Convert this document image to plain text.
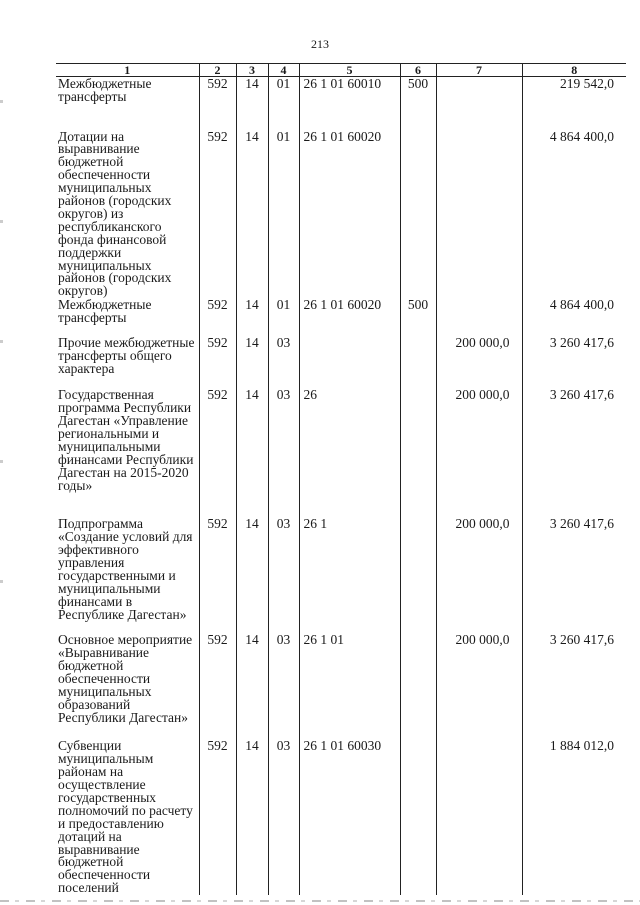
213
1	2	3	4	5	6	7	8
Межбюджетные трансферты	592	14	01	26 1 01 60010	500		219 542,0
Дотации на выравнивание бюджетной обеспеченности муниципальных районов (городских округов) из республиканского фонда финансовой поддержки муниципальных районов (городских округов)	592	14	01	26 1 01 60020			4 864 400,0
Межбюджетные трансферты	592	14	01	26 1 01 60020	500		4 864 400,0
Прочие межбюджетные трансферты общего характера	592	14	03			200 000,0	3 260 417,6
Государственная программа Республики Дагестан «Управление региональными и муниципальными финансами Республики Дагестан на 2015-2020 годы»	592	14	03	26		200 000,0	3 260 417,6
Подпрограмма «Создание условий для эффективного управления государственными и муниципальными финансами в Республике Дагестан»	592	14	03	26 1		200 000,0	3 260 417,6
Основное мероприятие «Выравнивание бюджетной обеспеченности муниципальных образований Республики Дагестан»	592	14	03	26 1 01		200 000,0	3 260 417,6
Субвенции муниципальным районам на осуществление государственных полномочий по расчету и предоставлению дотаций на выравнивание бюджетной обеспеченности поселений	592	14	03	26 1 01 60030			1 884 012,0
